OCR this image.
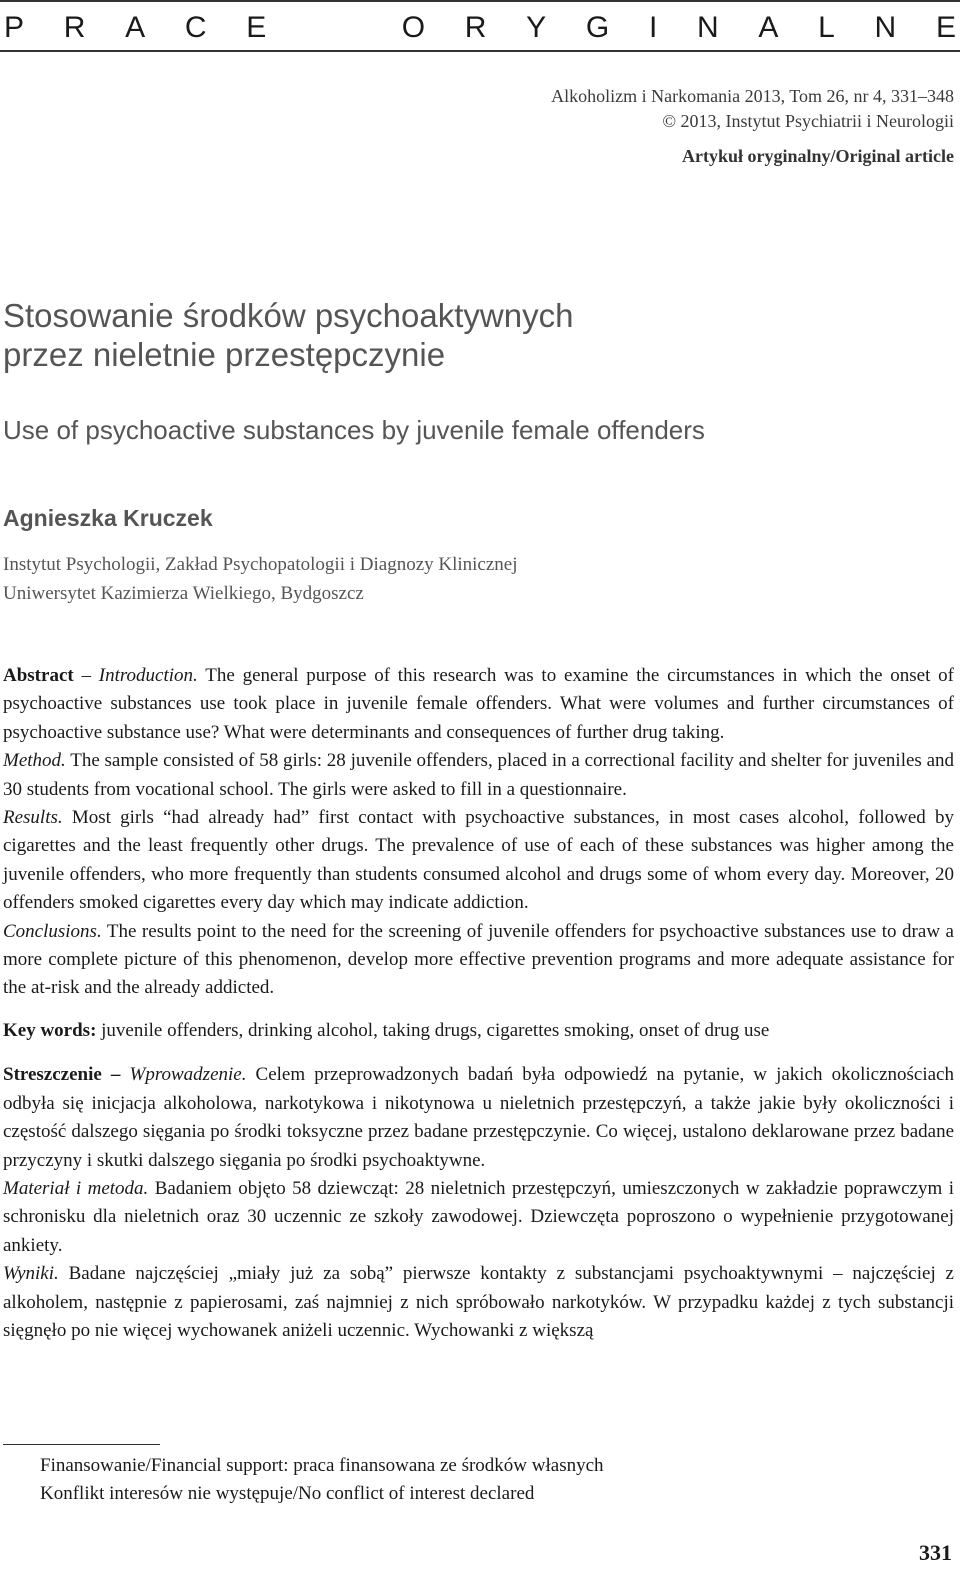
P R A C E	O R Y G I N A L N E
Alkoholizm i Narkomania 2013, Tom 26, nr 4, 331–348
© 2013, Instytut Psychiatrii i Neurologii
Artykuł oryginalny/Original article
Stosowanie środków psychoaktywnych
przez nieletnie przestępczynie
Use of psychoactive substances by juvenile female offenders
Agnieszka Kruczek
Instytut Psychologii, Zakład Psychopatologii i Diagnozy Klinicznej
Uniwersytet Kazimierza Wielkiego, Bydgoszcz

Abstract – Introduction. The general purpose of this research was to examine the circumstances in which the onset of psychoactive substances use took place in juvenile female offenders. What were volumes and further circumstances of psychoactive substance use? What were determinants and consequences of further drug taking.

Method. The sample consisted of 58 girls: 28 juvenile offenders, placed in a correctional facility and shelter for juveniles and 30 students from vocational school. The girls were asked to fill in a questionnaire.

Results. Most girls “had already had” first contact with psychoactive substances, in most cases alcohol, followed by cigarettes and the least frequently other drugs. The prevalence of use of each of these substances was higher among the juvenile offenders, who more frequently than students consumed alcohol and drugs some of whom every day. Moreover, 20 offenders smoked cigarettes every day which may indicate addiction.

Conclusions. The results point to the need for the screening of juvenile offenders for psychoactive substances use to draw a more complete picture of this phenomenon, develop more effective prevention programs and more adequate assistance for the at-risk and the already addicted.

Key words: juvenile offenders, drinking alcohol, taking drugs, cigarettes smoking, onset of drug use

Streszczenie – Wprowadzenie. Celem przeprowadzonych badań była odpowiedź na pytanie, w jakich okolicznościach odbyła się inicjacja alkoholowa, narkotykowa i nikotynowa u nieletnich przestępczyń, a także jakie były okoliczności i częstość dalszego sięgania po środki toksyczne przez badane przestępczynie. Co więcej, ustalono deklarowane przez badane przyczyny i skutki dalszego sięgania po środki psychoaktywne.

Materiał i metoda. Badaniem objęto 58 dziewcząt: 28 nieletnich przestępczyń, umieszczonych w zakładzie poprawczym i schronisku dla nieletnich oraz 30 uczennic ze szkoły zawodowej. Dziewczęta poproszono o wypełnienie przygotowanej ankiety.

Wyniki. Badane najczęściej „miały już za sobą” pierwsze kontakty z substancjami psychoaktywnymi – najczęściej z alkoholem, następnie z papierosami, zaś najmniej z nich spróbowało narkotyków. W przypadku każdej z tych substancji sięgnęło po nie więcej wychowanek aniżeli uczennic. Wychowanki z większą

Finansowanie/Financial support: praca finansowana ze środków własnych
Konflikt interesów nie występuje/No conflict of interest declared
331
